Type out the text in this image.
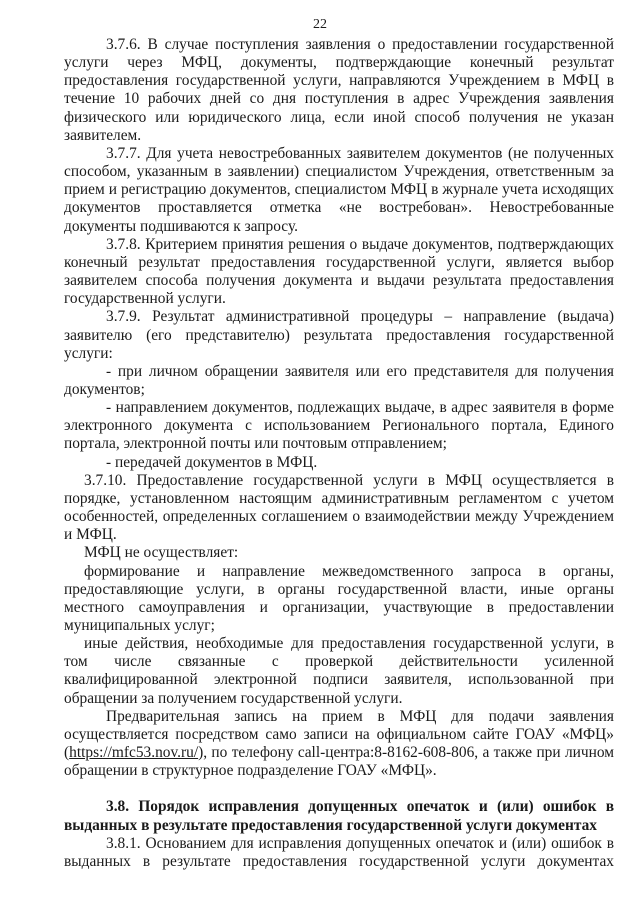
22

3.7.6. В случае поступления заявления о предоставлении государственной услуги через МФЦ, документы, подтверждающие конечный результат предоставления государственной услуги, направляются Учреждением в МФЦ в течение 10 рабочих дней со дня поступления в адрес Учреждения заявления физического или юридического лица, если иной способ получения не указан заявителем.

3.7.7. Для учета невостребованных заявителем документов (не полученных способом, указанным в заявлении) специалистом Учреждения, ответственным за прием и регистрацию документов, специалистом МФЦ в журнале учета исходящих документов проставляется отметка «не востребован». Невостребованные документы подшиваются к запросу.

3.7.8. Критерием принятия решения о выдаче документов, подтверждающих конечный результат предоставления государственной услуги, является выбор заявителем способа получения документа и выдачи результата предоставления государственной услуги.

3.7.9. Результат административной процедуры – направление (выдача) заявителю (его представителю) результата предоставления государственной услуги:

- при личном обращении заявителя или его представителя для получения документов;

- направлением документов, подлежащих выдаче, в адрес заявителя в форме электронного документа с использованием Регионального портала, Единого портала, электронной почты или почтовым отправлением;

- передачей документов в МФЦ.

3.7.10. Предоставление государственной услуги в МФЦ осуществляется в порядке, установленном настоящим административным регламентом с учетом особенностей, определенных соглашением о взаимодействии между Учреждением и МФЦ.

МФЦ не осуществляет:

формирование и направление межведомственного запроса в органы, предоставляющие услуги, в органы государственной власти, иные органы местного самоуправления и организации, участвующие в предоставлении муниципальных услуг;

иные действия, необходимые для предоставления государственной услуги, в том числе связанные с проверкой действительности усиленной квалифицированной электронной подписи заявителя, использованной при обращении за получением государственной услуги.

Предварительная запись на прием в МФЦ для подачи заявления осуществляется посредством само записи на официальном сайте ГОАУ «МФЦ» (https://mfc53.nov.ru/), по телефону call-центра:8-8162-608-806, а также при личном обращении в структурное подразделение ГОАУ «МФЦ».

3.8. Порядок исправления допущенных опечаток и (или) ошибок в выданных в результате предоставления государственной услуги документах

3.8.1. Основанием для исправления допущенных опечаток и (или) ошибок в выданных в результате предоставления государственной услуги документах
